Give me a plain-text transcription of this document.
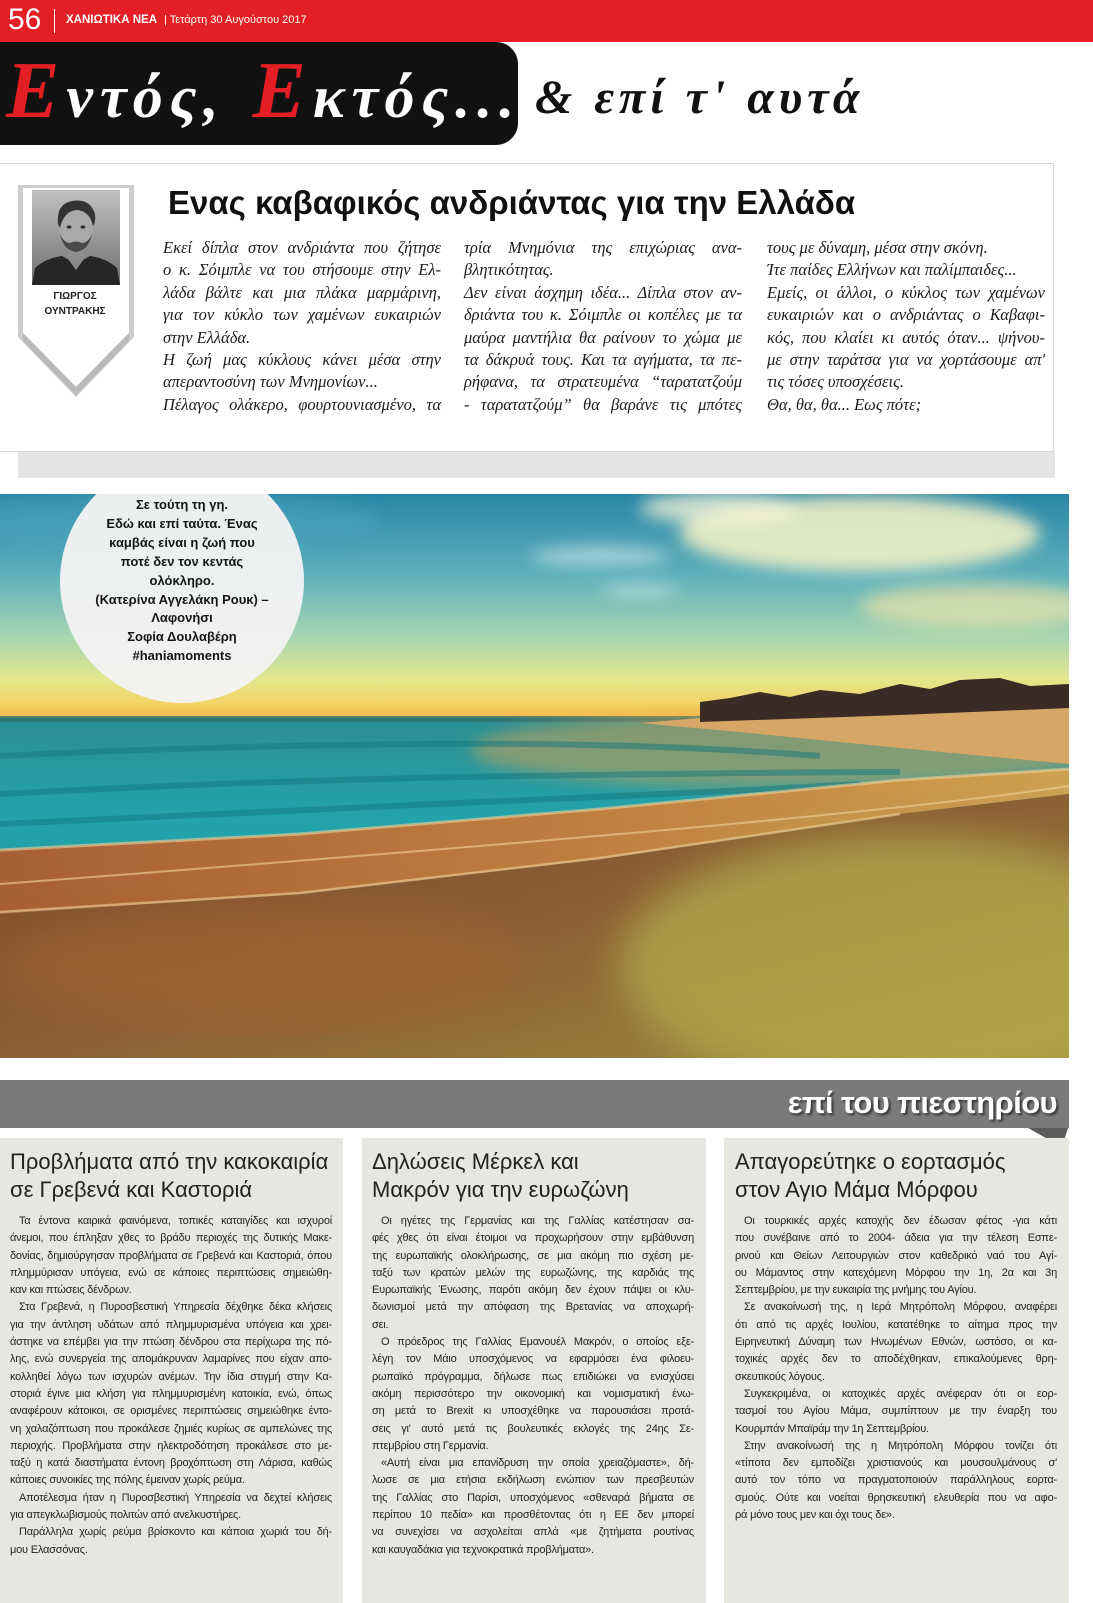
56 ΧΑΝΙΩΤΙΚΑ ΝΕΑ | Τετάρτη 30 Αυγούστου 2017
Εντός, Εκτός... & επί τ' αυτά
ΓΙΩΡΓΟΣ
ΟΥΝΤΡΑΚΗΣ
Ενας καβαφικός ανδριάντας για την Ελλάδα
Εκεί δίπλα στον ανδριάντα που ζήτησε
ο κ. Σόιμπλε να του στήσουμε στην Ελ-
λάδα βάλτε και μια πλάκα μαρμάρινη,
για τον κύκλο των χαμένων ευκαιριών
στην Ελλάδα.
Η ζωή μας κύκλους κάνει μέσα στην
απεραντοσύνη των Μνημονίων...
Πέλαγος ολάκερο, φουρτουνιασμένο, τα
τρία Μνημόνια της επιχώριας ανα-
βλητικότητας.
Δεν είναι άσχημη ιδέα... Δίπλα στον αν-
δριάντα του κ. Σόιμπλε οι κοπέλες με τα
μαύρα μαντήλια θα ραίνουν το χώμα με
τα δάκρυά τους. Και τα αγήματα, τα πε-
ρήφανα, τα στρατευμένα “ταρατατζούμ
- ταρατατζούμ” θα βαράνε τις μπότες
τους με δύναμη, μέσα στην σκόνη.
Ίτε παίδες Ελλήνων και παλίμπαιδες...
Εμείς, οι άλλοι, ο κύκλος των χαμένων
ευκαιριών και ο ανδριάντας ο Καβαφι-
κός, που κλαίει κι αυτός όταν... ψήνου-
με στην ταράτσα για να χορτάσουμε απ'
τις τόσες υποσχέσεις.
Θα, θα, θα... Εως πότε;
Σε τούτη τη γη.
Εδώ και επί ταύτα. Ένας
καμβάς είναι η ζωή που
ποτέ δεν τον κεντάς
ολόκληρο.
(Κατερίνα Αγγελάκη Ρουκ) –
Λαφονήσι
Σοφία Δουλαβέρη
#haniamoments
επί του πιεστηρίου
Προβλήματα από την κακοκαιρία
σε Γρεβενά και Καστοριά
Τα έντονα καιρικά φαινόμενα, τοπικές καταιγίδες και ισχυροί
άνεμοι, που έπληξαν χθες το βράδυ περιοχές της δυτικής Μακε-
δονίας, δημιούργησαν προβλήματα σε Γρεβενά και Καστοριά, όπου
πλημμύρισαν υπόγεια, ενώ σε κάποιες περιπτώσεις σημειώθη-
καν και πτώσεις δένδρων.
Στα Γρεβενά, η Πυροσβεστική Υπηρεσία δέχθηκε δέκα κλήσεις
για την άντληση υδάτων από πλημμυρισμένα υπόγεια και χρει-
άστηκε να επέμβει για την πτώση δένδρου στα περίχωρα της πό-
λης, ενώ συνεργεία της απομάκρυναν λαμαρίνες που είχαν απο-
κολληθεί λόγω των ισχυρών ανέμων. Την ίδια στιγμή στην Κα-
στοριά έγινε μια κλήση για πλημμυρισμένη κατοικία, ενώ, όπως
αναφέρουν κάτοικοι, σε ορισμένες περιπτώσεις σημειώθηκε έντο-
νη χαλαζόπτωση που προκάλεσε ζημιές κυρίως σε αμπελώνες της
περιοχής. Προβλήματα στην ηλεκτροδότηση προκάλεσε στο με-
ταξύ η κατά διαστήματα έντονη βροχόπτωση στη Λάρισα, καθώς
κάποιες συνοικίες της πόλης έμειναν χωρίς ρεύμα.
Αποτέλεσμα ήταν η Πυροσβεστική Υπηρεσία να δεχτεί κλήσεις
για απεγκλωβισμούς πολιτών από ανελκυστήρες.
Παράλληλα χωρίς ρεύμα βρίσκοντο και κάποια χωριά του δή-
μου Ελασσόνας.
Δηλώσεις Μέρκελ και
Μακρόν για την ευρωζώνη
Οι ηγέτες της Γερμανίας και της Γαλλίας κατέστησαν σα-
φές χθες ότι είναι έτοιμοι να προχωρήσουν στην εμβάθυνση
της ευρωπαϊκής ολοκλήρωσης, σε μια ακόμη πιο σχέση με-
ταξύ των κρατών μελών της ευρωζώνης, της καρδιάς της
Ευρωπαϊκής Ένωσης, παρότι ακόμη δεν έχουν πάψει οι κλυ-
δωνισμοί μετά την απόφαση της Βρετανίας να αποχωρή-
σει.
Ο πρόεδρος της Γαλλίας Εμανουέλ Μακρόν, ο οποίος εξε-
λέγη τον Μάιο υποσχόμενος να εφαρμόσει ένα φιλοευ-
ρωπαϊκό πρόγραμμα, δήλωσε πως επιδιώκει να ενισχύσει
ακόμη περισσότερο την οικονομική και νομισματική ένω-
ση μετά το Brexit κι υποσχέθηκε να παρουσιάσει προτά-
σεις γι' αυτό μετά τις βουλευτικές εκλογές της 24ης Σε-
πτεμβρίου στη Γερμανία.
«Αυτή είναι μια επανίδρυση την οποία χρειαζόμαστε», δή-
λωσε σε μια ετήσια εκδήλωση ενώπιον των πρεσβευτών
της Γαλλίας στο Παρίσι, υποσχόμενος «σθεναρά βήματα σε
περίπου 10 πεδία» και προσθέτοντας ότι η ΕΕ δεν μπορεί
να συνεχίσει να ασχολείται απλά «με ζητήματα ρουτίνας
και καυγαδάκια για τεχνοκρατικά προβλήματα».
Απαγορεύτηκε ο εορτασμός
στον Αγιο Μάμα Μόρφου
Οι τουρκικές αρχές κατοχής δεν έδωσαν φέτος -για κάτι
που συνέβαινε από το 2004- άδεια για την τέλεση Εσπε-
ρινού και Θείων Λειτουργιών στον καθεδρικό ναό του Αγί-
ου Μάμαντος στην κατεχόμενη Μόρφου την 1η, 2α και 3η
Σεπτεμβρίου, με την ευκαιρία της μνήμης του Αγίου.
Σε ανακοίνωσή της, η Ιερά Μητρόπολη Μόρφου, αναφέρει
ότι από τις αρχές Ιουλίου, κατατέθηκε το αίτημα προς την
Ειρηνευτική Δύναμη των Ηνωμένων Εθνών, ωστόσο, οι κα-
τοχικές αρχές δεν το αποδέχθηκαν, επικαλούμενες θρη-
σκευτικούς λόγους.
Συγκεκριμένα, οι κατοχικές αρχές ανέφεραν ότι οι εορ-
τασμοί του Αγίου Μάμα, συμπίπτουν με την έναρξη του
Κουρμπάν Μπαϊράμ την 1η Σεπτεμβρίου.
Στην ανακοίνωσή της η Μητρόπολη Μόρφου τονίζει ότι
«τίποτα δεν εμποδίζει χριστιανούς και μουσουλμάνους σ'
αυτό τον τόπο να πραγματοποιούν παράλληλους εορτα-
σμούς. Ούτε και νοείται θρησκευτική ελευθερία που να αφο-
ρά μόνο τους μεν και όχι τους δε».
